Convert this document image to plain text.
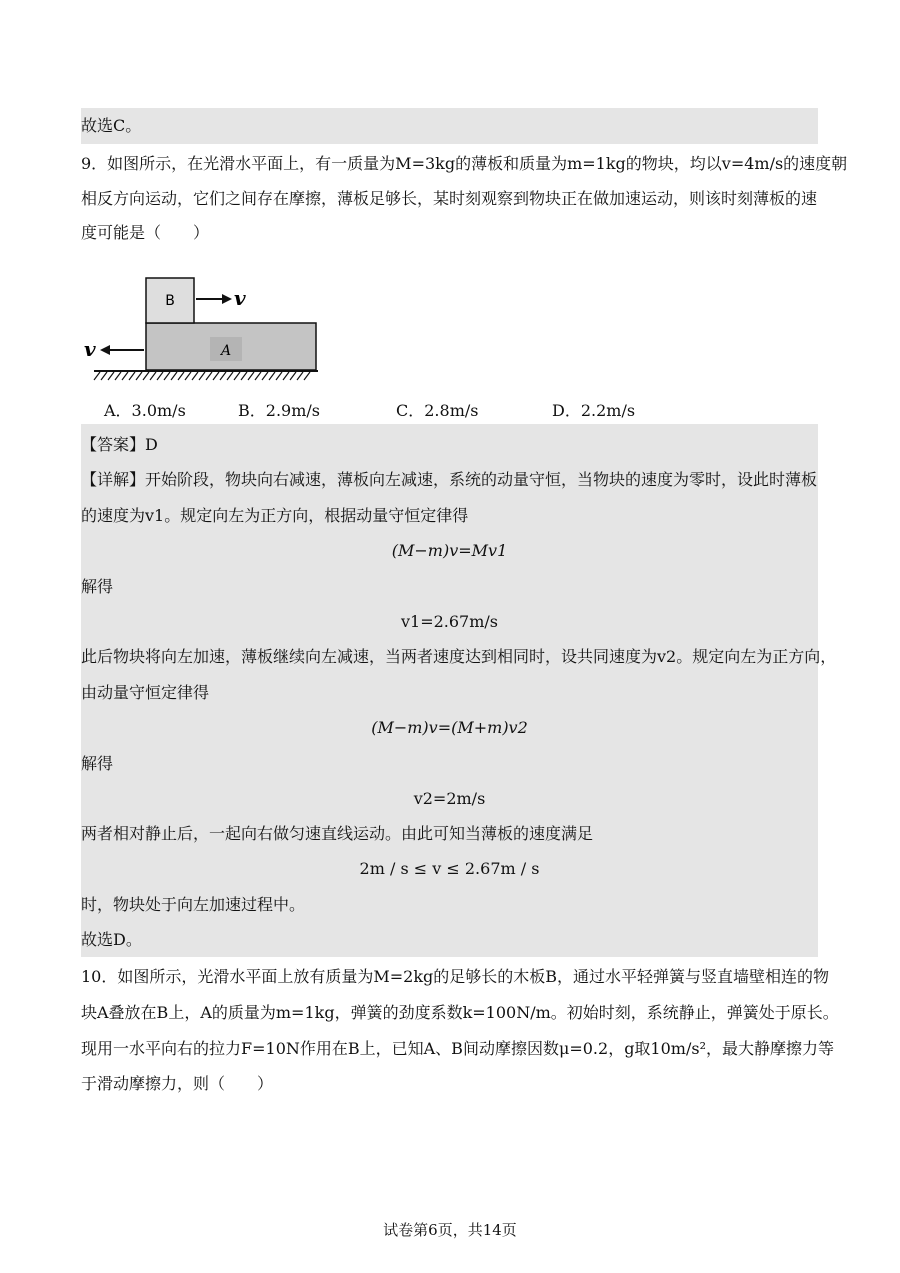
故选C。
9．如图所示，在光滑水平面上，有一质量为M=3kg的薄板和质量为m=1kg的物块，均以v=4m/s的速度朝
相反方向运动，它们之间存在摩擦，薄板足够长，某时刻观察到物块正在做加速运动，则该时刻薄板的速
度可能是（　　）
A
B	v
v
A．3.0m/s	B．2.9m/s	C．2.8m/s	D．2.2m/s
【答案】D
【详解】开始阶段，物块向右减速，薄板向左减速，系统的动量守恒，当物块的速度为零时，设此时薄板
的速度为v1。规定向左为正方向，根据动量守恒定律得
(M−m)v=Mv1
解得
v1=2.67m/s
此后物块将向左加速，薄板继续向左减速，当两者速度达到相同时，设共同速度为v2。规定向左为正方向，
由动量守恒定律得
(M−m)v=(M+m)v2
解得
v2=2m/s
两者相对静止后，一起向右做匀速直线运动。由此可知当薄板的速度满足
2m / s ≤ v ≤ 2.67m / s
时，物块处于向左加速过程中。
故选D。
10．如图所示，光滑水平面上放有质量为M=2kg的足够长的木板B，通过水平轻弹簧与竖直墙壁相连的物
块A叠放在B上，A的质量为m=1kg，弹簧的劲度系数k=100N/m。初始时刻，系统静止，弹簧处于原长。
现用一水平向右的拉力F=10N作用在B上，已知A、B间动摩擦因数μ=0.2，g取10m/s²，最大静摩擦力等
于滑动摩擦力，则（　　）
试卷第6页，共14页
